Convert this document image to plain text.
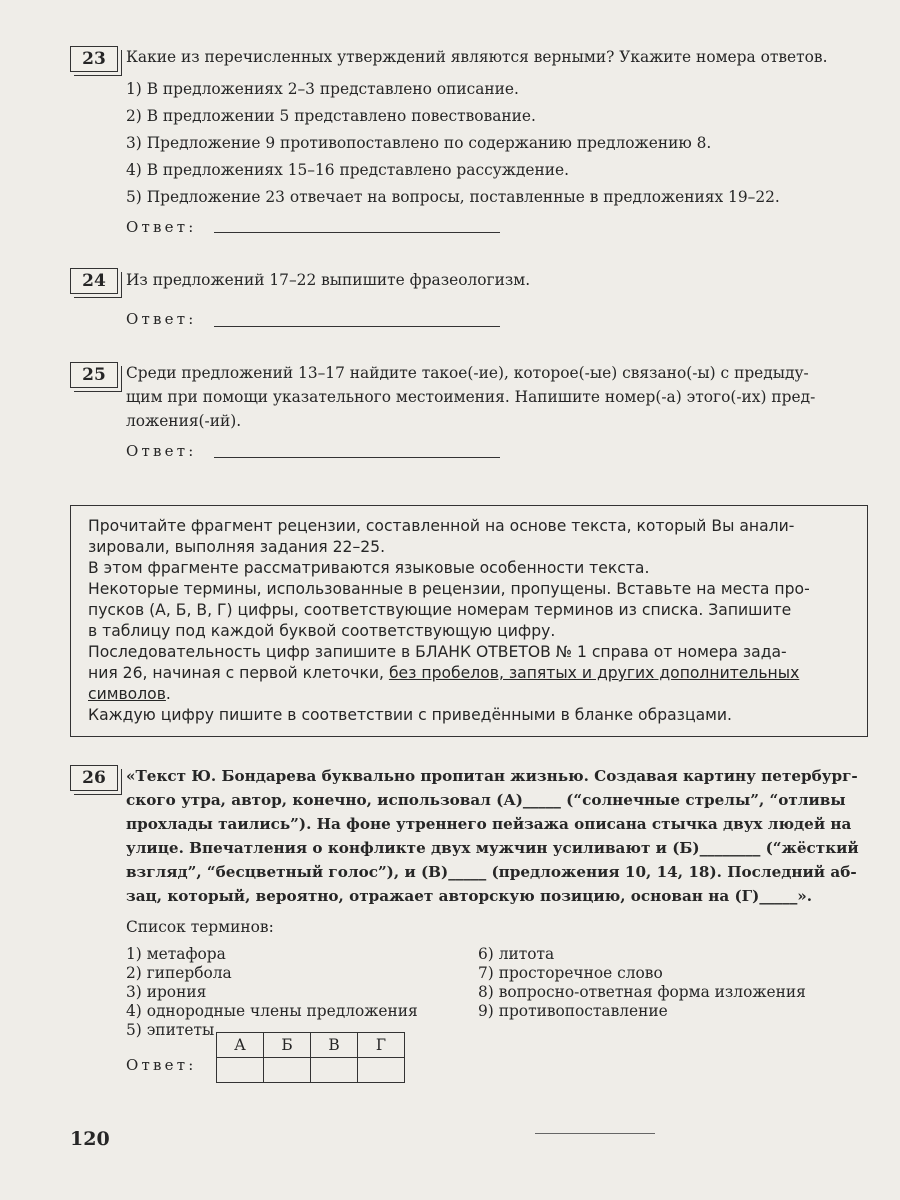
23	Какие из перечисленных утверждений являются верными? Укажите номера ответов.
1) В предложениях 2–3 представлено описание.
2) В предложении 5 представлено повествование.
3) Предложение 9 противопоставлено по содержанию предложению 8.
4) В предложениях 15–16 представлено рассуждение.
5) Предложение 23 отвечает на вопросы, поставленные в предложениях 19–22.
Ответ:
24	Из предложений 17–22 выпишите фразеологизм.
Ответ:
25	Среди предложений 13–17 найдите такое(-ие), которое(-ые) связано(-ы) с предыду-
щим при помощи указательного местоимения. Напишите номер(-а) этого(-их) пред-
ложения(-ий).
Ответ:
Прочитайте фрагмент рецензии, составленной на основе текста, который Вы анали-
зировали, выполняя задания 22–25.
В этом фрагменте рассматриваются языковые особенности текста.
Некоторые термины, использованные в рецензии, пропущены. Вставьте на места про-
пусков (А, Б, В, Г) цифры, соответствующие номерам терминов из списка. Запишите
в таблицу под каждой буквой соответствующую цифру.
Последовательность цифр запишите в БЛАНК ОТВЕТОВ № 1 справа от номера зада-
ния 26, начиная с первой клеточки, без пробелов, запятых и других дополнительных
символов.
Каждую цифру пишите в соответствии с приведёнными в бланке образцами.
26	«Текст Ю. Бондарева буквально пропитан жизнью. Создавая картину петербург-
ского утра, автор, конечно, использовал (А)_____ (“солнечные стрелы”, “отливы
прохлады таились”). На фоне утреннего пейзажа описана стычка двух людей на
улице. Впечатления о конфликте двух мужчин усиливают и (Б)________ (“жёсткий
взгляд”, “бесцветный голос”), и (В)_____ (предложения 10, 14, 18). Последний аб-
зац, который, вероятно, отражает авторскую позицию, основан на (Г)_____».
Список терминов:
1) метафора
2) гипербола
3) ирония
4) однородные члены предложения
5) эпитеты
6) литота
7) просторечное слово
8) вопросно-ответная форма изложения
9) противопоставление
Ответ:
А	Б	В	Г

120
